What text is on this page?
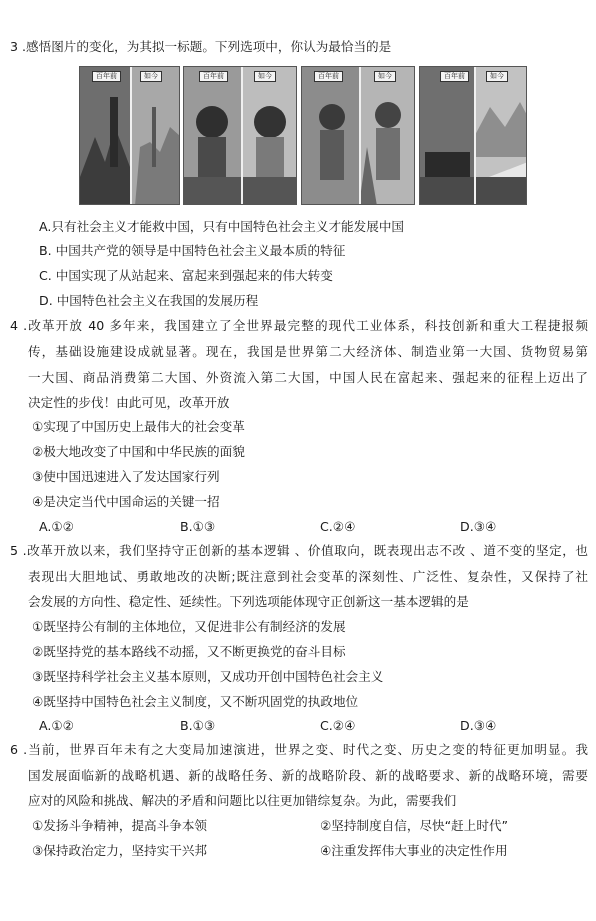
3 .感悟图片的变化，为其拟一标题。下列选项中，你认为最恰当的是
百年前	如今	百年前	如今	百年前	如今	百年前	如今
A.只有社会主义才能救中国，只有中国特色社会主义才能发展中国
B. 中国共产党的领导是中国特色社会主义最本质的特征
C. 中国实现了从站起来、富起来到强起来的伟大转变
D. 中国特色社会主义在我国的发展历程
4 .改革开放 40 多年来，我国建立了全世界最完整的现代工业体系，科技创新和重大工程捷报频
传，基础设施建设成就显著。现在，我国是世界第二大经济体、制造业第一大国、货物贸易第
一大国、商品消费第二大国、外资流入第二大国，中国人民在富起来、强起来的征程上迈出了
决定性的步伐！由此可见，改革开放
①实现了中国历史上最伟大的社会变革
②极大地改变了中国和中华民族的面貌
③使中国迅速进入了发达国家行列
④是决定当代中国命运的关键一招
A.①②	B.①③	C.②④	D.③④
5 .改革开放以来，我们坚持守正创新的基本逻辑 、价值取向，既表现出志不改 、道不变的坚定，也
表现出大胆地试、勇敢地改的决断;既注意到社会变革的深刻性、广泛性、复杂性，又保持了社
会发展的方向性、稳定性、延续性。下列选项能体现守正创新这一基本逻辑的是
①既坚持公有制的主体地位，又促进非公有制经济的发展
②既坚持党的基本路线不动摇，又不断更换党的奋斗目标
③既坚持科学社会主义基本原则，又成功开创中国特色社会主义
④既坚持中国特色社会主义制度，又不断巩固党的执政地位
A.①②	B.①③	C.②④	D.③④
6 .当前，世界百年未有之大变局加速演进，世界之变、时代之变、历史之变的特征更加明显。我
国发展面临新的战略机遇、新的战略任务、新的战略阶段、新的战略要求、新的战略环境，需要
应对的风险和挑战、解决的矛盾和问题比以往更加错综复杂。为此，需要我们
①发扬斗争精神，提高斗争本领	②坚持制度自信，尽快“赶上时代”
③保持政治定力，坚持实干兴邦	④注重发挥伟大事业的决定性作用
